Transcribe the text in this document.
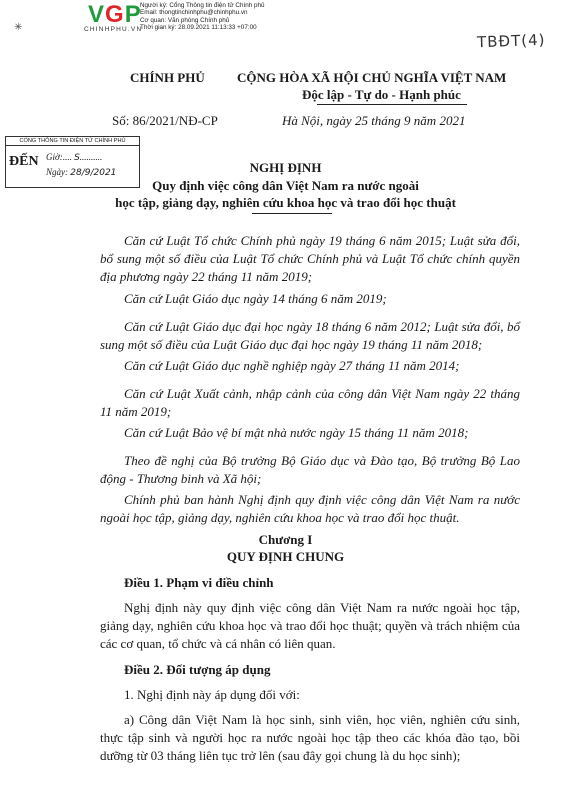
VGP
CHINHPHU.VN
Người ký: Cổng Thông tin điện tử Chính phủ
Email: thongtinchinhphu@chinhphu.vn
Cơ quan: Văn phòng Chính phủ
Thời gian ký: 28.09.2021 11:13:33 +07:00
✳
TBĐT(4)
CHÍNH PHỦ CỘNG HÒA XÃ HỘI CHỦ NGHĨA VIỆT NAM
Độc lập - Tự do - Hạnh phúc
Số: 86/2021/NĐ-CP	Hà Nội, ngày 25 tháng 9 năm 2021
CỔNG THÔNG TIN ĐIỆN TỬ CHÍNH PHỦ
ĐẾN Giờ:.... S..........
Ngày: 28/9/2021	NGHỊ ĐỊNH
Quy định việc công dân Việt Nam ra nước ngoài
học tập, giảng dạy, nghiên cứu khoa học và trao đổi học thuật
Căn cứ Luật Tổ chức Chính phủ ngày 19 tháng 6 năm 2015; Luật sửa đổi, bổ sung một số điều của Luật Tổ chức Chính phủ và Luật Tổ chức chính quyền địa phương ngày 22 tháng 11 năm 2019;
Căn cứ Luật Giáo dục ngày 14 tháng 6 năm 2019;
Căn cứ Luật Giáo dục đại học ngày 18 tháng 6 năm 2012; Luật sửa đổi, bổ sung một số điều của Luật Giáo dục đại học ngày 19 tháng 11 năm 2018;
Căn cứ Luật Giáo dục nghề nghiệp ngày 27 tháng 11 năm 2014;
Căn cứ Luật Xuất cảnh, nhập cảnh của công dân Việt Nam ngày 22 tháng 11 năm 2019;
Căn cứ Luật Bảo vệ bí mật nhà nước ngày 15 tháng 11 năm 2018;
Theo đề nghị của Bộ trưởng Bộ Giáo dục và Đào tạo, Bộ trưởng Bộ Lao động - Thương binh và Xã hội;
Chính phủ ban hành Nghị định quy định việc công dân Việt Nam ra nước ngoài học tập, giảng dạy, nghiên cứu khoa học và trao đổi học thuật.
Chương I
QUY ĐỊNH CHUNG
Điều 1. Phạm vi điều chỉnh
Nghị định này quy định việc công dân Việt Nam ra nước ngoài học tập, giảng dạy, nghiên cứu khoa học và trao đổi học thuật; quyền và trách nhiệm của các cơ quan, tổ chức và cá nhân có liên quan.
Điều 2. Đối tượng áp dụng
1. Nghị định này áp dụng đối với:
a) Công dân Việt Nam là học sinh, sinh viên, học viên, nghiên cứu sinh, thực tập sinh và người học ra nước ngoài học tập theo các khóa đào tạo, bồi dưỡng từ 03 tháng liên tục trở lên (sau đây gọi chung là du học sinh);
